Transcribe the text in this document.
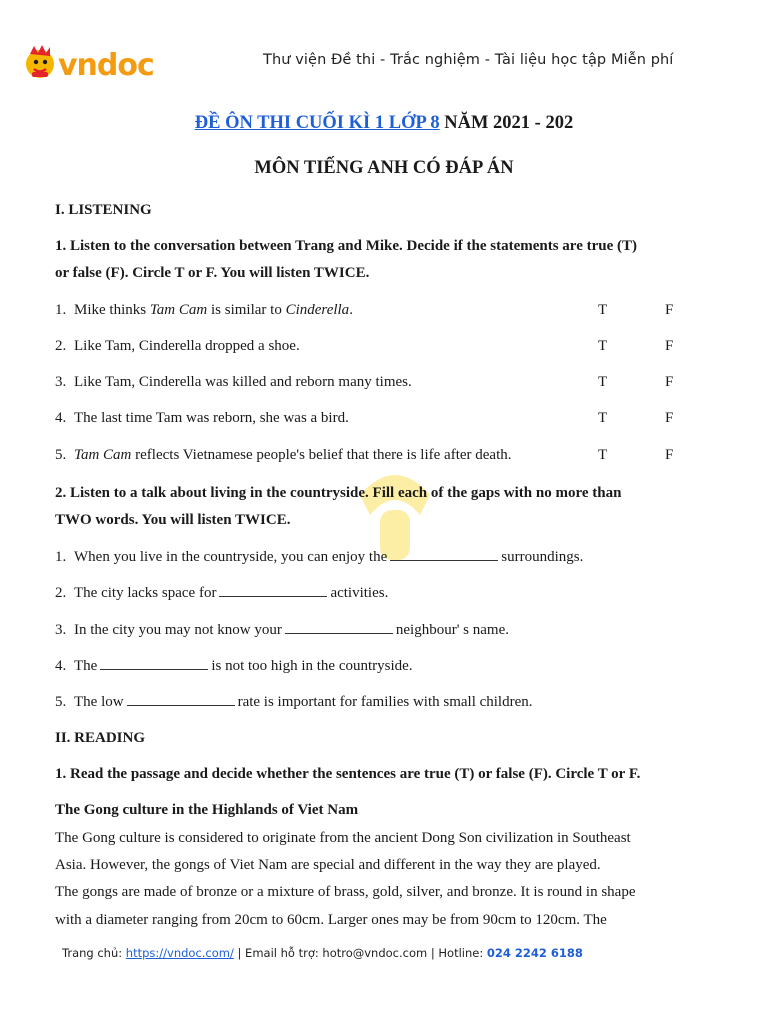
vndoc	Thư viện Đề thi - Trắc nghiệm - Tài liệu học tập Miễn phí
ĐỀ ÔN THI CUỐI KÌ 1 LỚP 8 NĂM 2021 - 202
MÔN TIẾNG ANH CÓ ĐÁP ÁN
I. LISTENING
1. Listen to the conversation between Trang and Mike. Decide if the statements are true (T)
or false (F). Circle T or F. You will listen TWICE.
1. Mike thinks Tam Cam is similar to Cinderella.	T	F
2. Like Tam, Cinderella dropped a shoe.	T	F
3. Like Tam, Cinderella was killed and reborn many times.	T	F
4. The last time Tam was reborn, she was a bird.	T	F
5. Tam Cam reflects Vietnamese people's belief that there is life after death.	T	F
2. Listen to a talk about living in the countryside. Fill each of the gaps with no more than
TWO words. You will listen TWICE.
1. When you live in the countryside, you can enjoy the	surroundings.
2. The city lacks space for	activities.
3. In the city you may not know your	neighbour' s name.
4. The	is not too high in the countryside.
5. The low	rate is important for families with small children.
II. READING
1. Read the passage and decide whether the sentences are true (T) or false (F). Circle T or F.
The Gong culture in the Highlands of Viet Nam
The Gong culture is considered to originate from the ancient Dong Son civilization in Southeast
Asia. However, the gongs of Viet Nam are special and different in the way they are played.
The gongs are made of bronze or a mixture of brass, gold, silver, and bronze. It is round in shape
with a diameter ranging from 20cm to 60cm. Larger ones may be from 90cm to 120cm. The
Trang chủ: https://vndoc.com/ | Email hỗ trợ: hotro@vndoc.com | Hotline: 024 2242 6188
